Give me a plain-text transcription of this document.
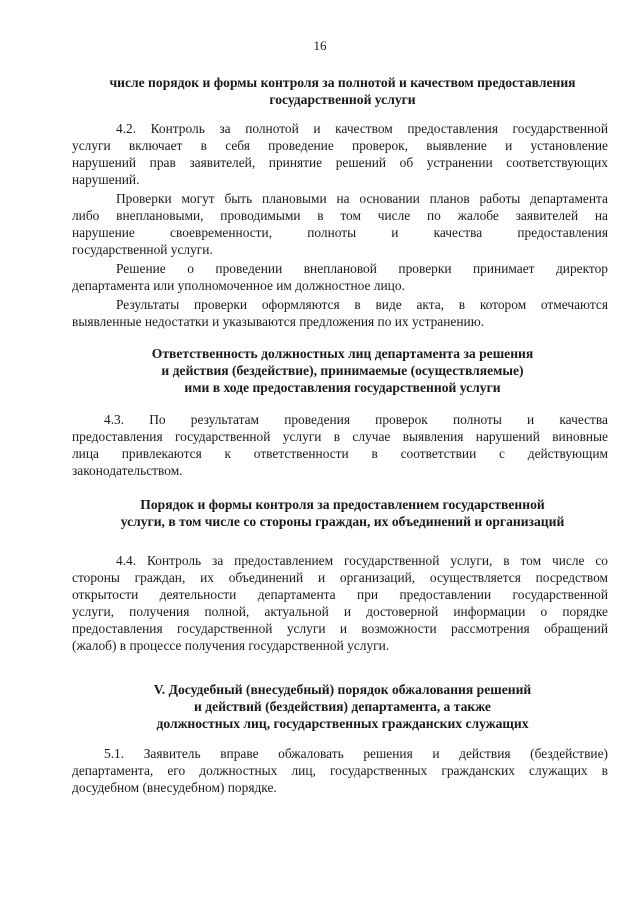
16
числе порядок и формы контроля за полнотой и качеством предоставления
государственной услуги
4.2. Контроль за полнотой и качеством предоставления государственной
услуги включает в себя проведение проверок, выявление и установление
нарушений прав заявителей, принятие решений об устранении соответствующих
нарушений.
Проверки могут быть плановыми на основании планов работы департамента
либо внеплановыми, проводимыми в том числе по жалобе заявителей на
нарушение своевременности, полноты и качества предоставления
государственной услуги.
Решение о проведении внеплановой проверки принимает директор
департамента или уполномоченное им должностное лицо.
Результаты проверки оформляются в виде акта, в котором отмечаются
выявленные недостатки и указываются предложения по их устранению.
Ответственность должностных лиц департамента за решения
и действия (бездействие), принимаемые (осуществляемые)
ими в ходе предоставления государственной услуги
4.3. По результатам проведения проверок полноты и качества
предоставления государственной услуги в случае выявления нарушений виновные
лица привлекаются к ответственности в соответствии с действующим
законодательством.
Порядок и формы контроля за предоставлением государственной
услуги, в том числе со стороны граждан, их объединений и организаций
4.4. Контроль за предоставлением государственной услуги, в том числе со
стороны граждан, их объединений и организаций, осуществляется посредством
открытости деятельности департамента при предоставлении государственной
услуги, получения полной, актуальной и достоверной информации о порядке
предоставления государственной услуги и возможности рассмотрения обращений
(жалоб) в процессе получения государственной услуги.
V. Досудебный (внесудебный) порядок обжалования решений
и действий (бездействия) департамента, а также
должностных лиц, государственных гражданских служащих
5.1. Заявитель вправе обжаловать решения и действия (бездействие)
департамента, его должностных лиц, государственных гражданских служащих в
досудебном (внесудебном) порядке.
